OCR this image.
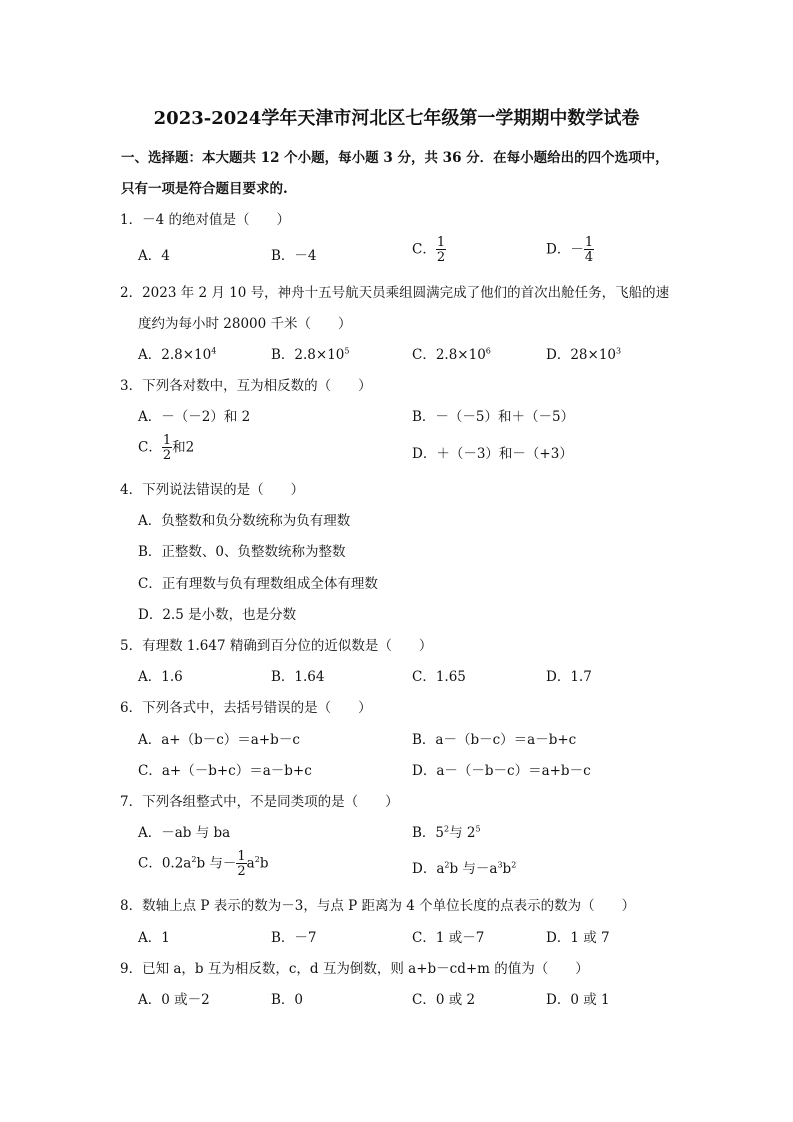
2023-2024学年天津市河北区七年级第一学期期中数学试卷
一、选择题：本大题共 12 个小题，每小题 3 分，共 36 分．在每小题给出的四个选项中，
只有一项是符合题目要求的.
1．－4 的绝对值是（　　）
A．4	B．－4	C． $\frac{1}{2}$	D．－ $\frac{1}{4}$
2．2023 年 2 月 10 号，神舟十五号航天员乘组圆满完成了他们的首次出舱任务，飞船的速
度约为每小时 28000 千米（　　）
A．$2.8\times 10^4$	B．$2.8\times 10^5$	C．$2.8\times 10^6$	D．$28\times 10^3$
3．下列各对数中，互为相反数的（　　）
A．－（－2）和 2	B．－（－5）和＋（－5）
C． $\frac{1}{2}$ 和2	D．＋（－3）和－（+3）
4．下列说法错误的是（　　）
A．负整数和负分数统称为负有理数
B．正整数、0、负整数统称为整数
C．正有理数与负有理数组成全体有理数
D．2.5 是小数，也是分数
5．有理数 1.647 精确到百分位的近似数是（　　）
A．1.6	B．1.64	C．1.65	D．1.7
6．下列各式中，去括号错误的是（　　）
A．a+（b－c）＝a+b－c	B．a－（b－c）＝a－b+c
C．a+（－b+c）＝a－b+c	D．a－（－b－c）＝a+b－c
7．下列各组整式中，不是同类项的是（　　）
A．－ab 与 ba	B．$5^2$与 $2^5$
C．$0.2a^2b$ 与－ $\frac{1}{2} a^2b$	D．$a^2b$ 与$-a^3b^2$
8．数轴上点 P 表示的数为－3，与点 P 距离为 4 个单位长度的点表示的数为（　　）
A．1	B．－7	C．1 或－7	D．1 或 7
9．已知 a，b 互为相反数，c，d 互为倒数，则 a+b－cd+m 的值为（　　）
A．0 或－2	B．0	C．0 或 2	D．0 或 1
